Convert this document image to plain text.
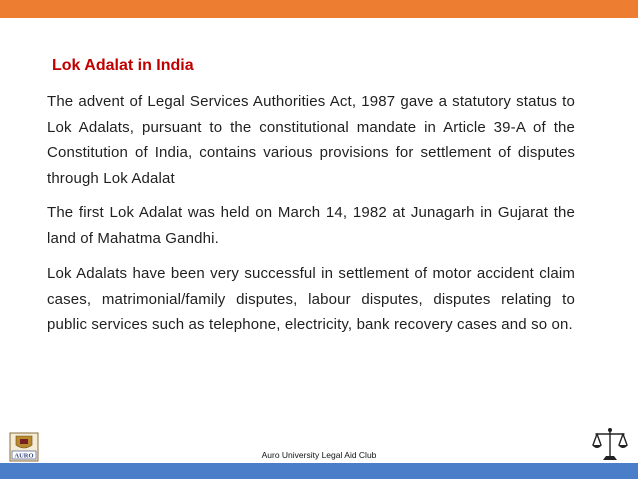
Lok Adalat in India
The advent of Legal Services Authorities Act, 1987 gave a statutory status to Lok Adalats, pursuant to the constitutional mandate in Article 39-A of the Constitution of India, contains various provisions for settlement of disputes through Lok Adalat
The first Lok Adalat was held on March 14, 1982 at Junagarh in Gujarat the land of Mahatma Gandhi.
Lok Adalats have been very successful in settlement of motor accident claim cases, matrimonial/family disputes, labour disputes, disputes relating to public services such as telephone, electricity, bank recovery cases and so on.
AURO	Auro University Legal Aid Club
